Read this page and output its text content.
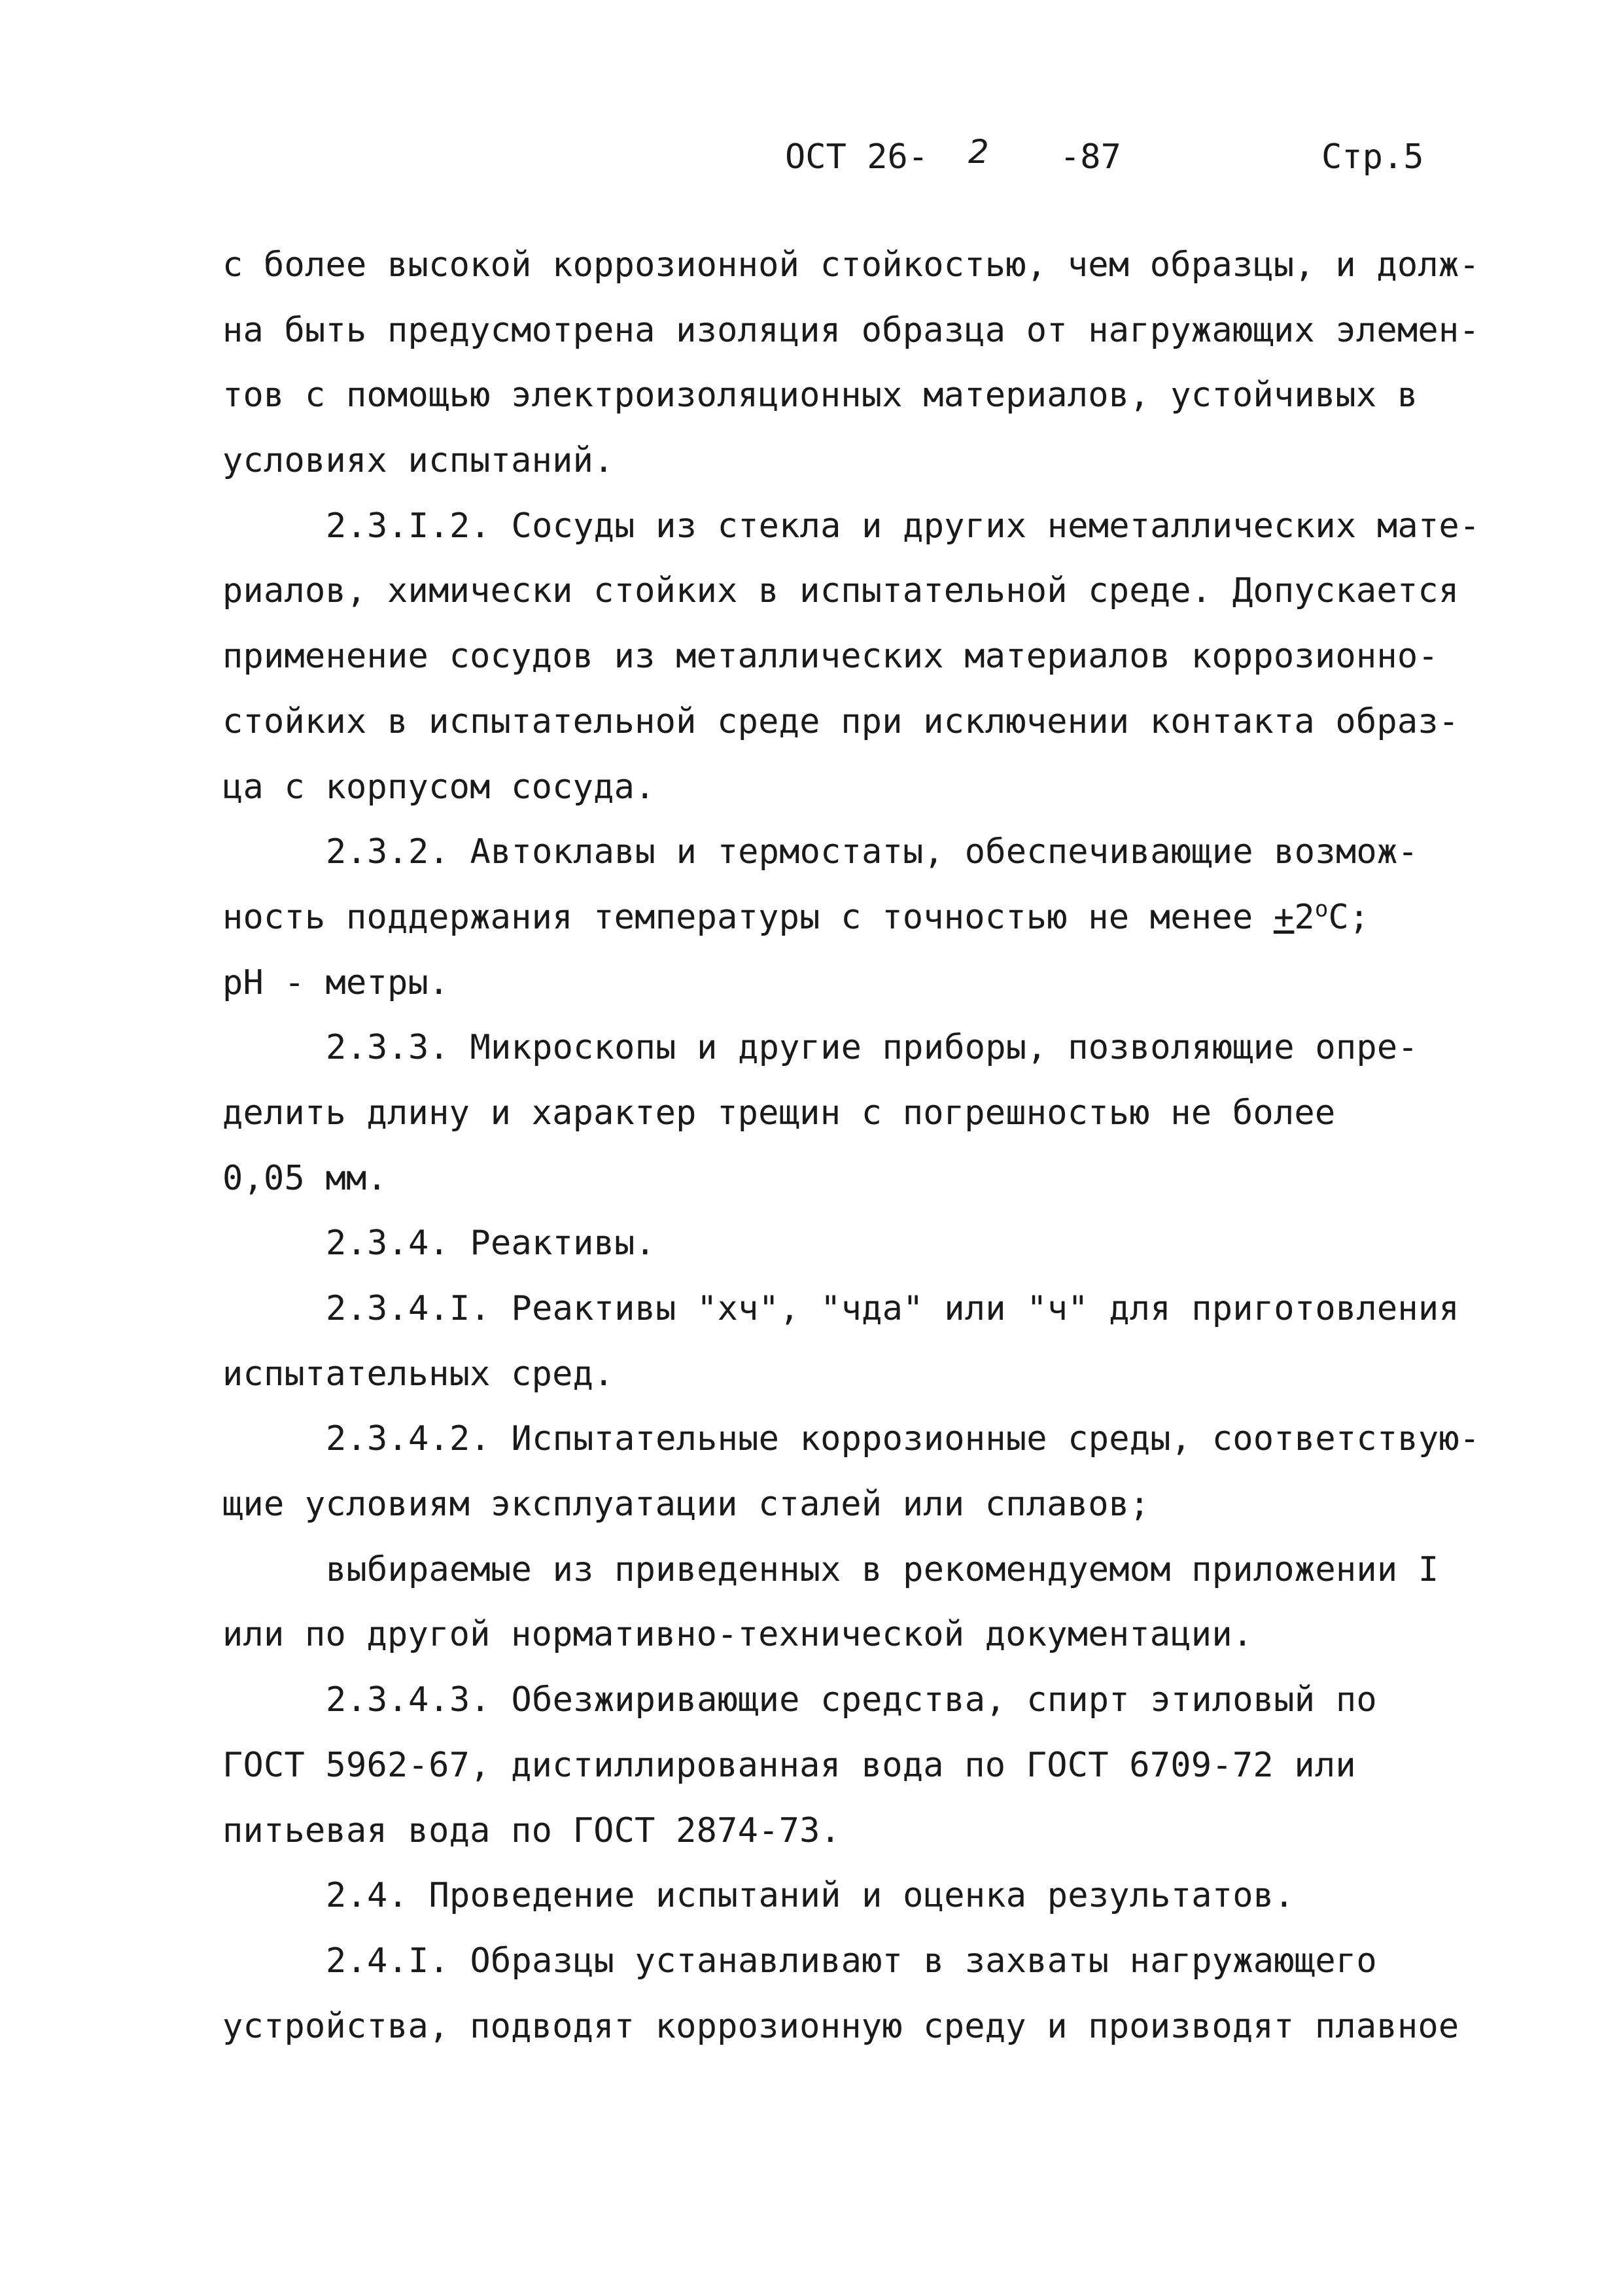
ОСТ 26- 2 -87	Стр.5
с более высокой коррозионной стойкостью, чем образцы, и долж-
на быть предусмотрена изоляция образца от нагружающих элемен-
тов с помощью электроизоляционных материалов, устойчивых в
условиях испытаний.
2.3.I.2. Сосуды из стекла и других неметаллических мате-
риалов, химически стойких в испытательной среде. Допускается
применение сосудов из металлических материалов коррозионно-
стойких в испытательной среде при исключении контакта образ-
ца с корпусом сосуда.
2.3.2. Автоклавы и термостаты, обеспечивающие возмож-
ность поддержания температуры с точностью не менее $+2^oC$;
рН - метры.
2.3.3. Микроскопы и другие приборы, позволяющие опре-
делить длину и характер трещин с погрешностью не более
0,05 мм.
2.3.4. Реактивы.
2.3.4.I. Реактивы "хч", "чда" или "ч" для приготовления
испытательных сред.
2.3.4.2. Испытательные коррозионные среды, соответствую-
щие условиям эксплуатации сталей или сплавов;
выбираемые из приведенных в рекомендуемом приложении I
или по другой нормативно-технической документации.
2.3.4.3. Обезжиривающие средства, спирт этиловый по
ГОСТ 5962-67, дистиллированная вода по ГОСТ 6709-72 или
питьевая вода по ГОСТ 2874-73.
2.4. Проведение испытаний и оценка результатов.
2.4.I. Образцы устанавливают в захваты нагружающего
устройства, подводят коррозионную среду и производят плавное
